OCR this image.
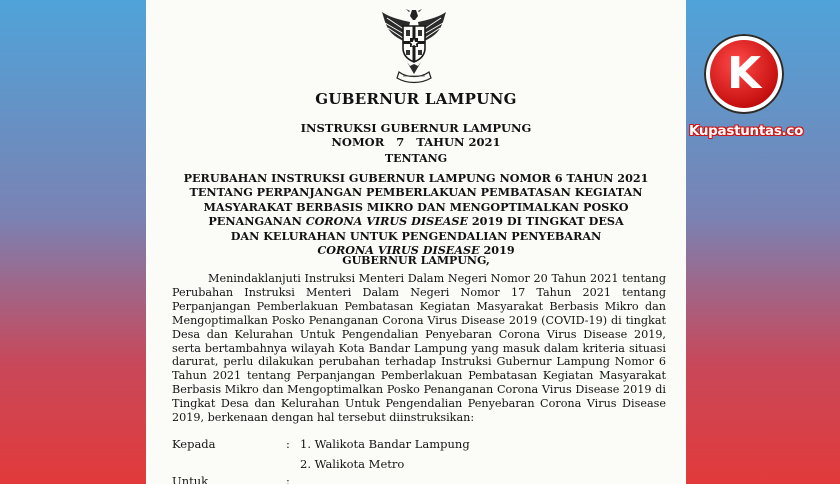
GUBERNUR LAMPUNG
INSTRUKSI GUBERNUR LAMPUNG
NOMOR   7   TAHUN 2021
TENTANG
PERUBAHAN INSTRUKSI GUBERNUR LAMPUNG NOMOR 6 TAHUN 2021
TENTANG PERPANJANGAN PEMBERLAKUAN PEMBATASAN KEGIATAN
MASYARAKAT BERBASIS MIKRO DAN MENGOPTIMALKAN POSKO
PENANGANAN CORONA VIRUS DISEASE 2019 DI TINGKAT DESA
DAN KELURAHAN UNTUK PENGENDALIAN PENYEBARAN
CORONA VIRUS DISEASE 2019
GUBERNUR LAMPUNG,
Menindaklanjuti Instruksi Menteri Dalam Negeri Nomor 20 Tahun 2021 tentang Perubahan Instruksi Menteri Dalam Negeri Nomor 17 Tahun 2021 tentang Perpanjangan Pemberlakuan Pembatasan Kegiatan Masyarakat Berbasis Mikro dan Mengoptimalkan Posko Penanganan Corona Virus Disease 2019 (COVID-19) di tingkat Desa dan Kelurahan Untuk Pengendalian Penyebaran Corona Virus Disease 2019, serta bertambahnya wilayah Kota Bandar Lampung yang masuk dalam kriteria situasi darurat, perlu dilakukan perubahan terhadap Instruksi Gubernur Lampung Nomor 6 Tahun 2021 tentang Perpanjangan Pemberlakuan Pembatasan Kegiatan Masyarakat Berbasis Mikro dan Mengoptimalkan Posko Penanganan Corona Virus Disease 2019 di Tingkat Desa dan Kelurahan Untuk Pengendalian Penyebaran Corona Virus Disease 2019, berkenaan dengan hal tersebut diinstruksikan:
Kepada	: 1. Walikota Bandar Lampung
2. Walikota Metro
Untuk	:
K
Kupastuntas.co
